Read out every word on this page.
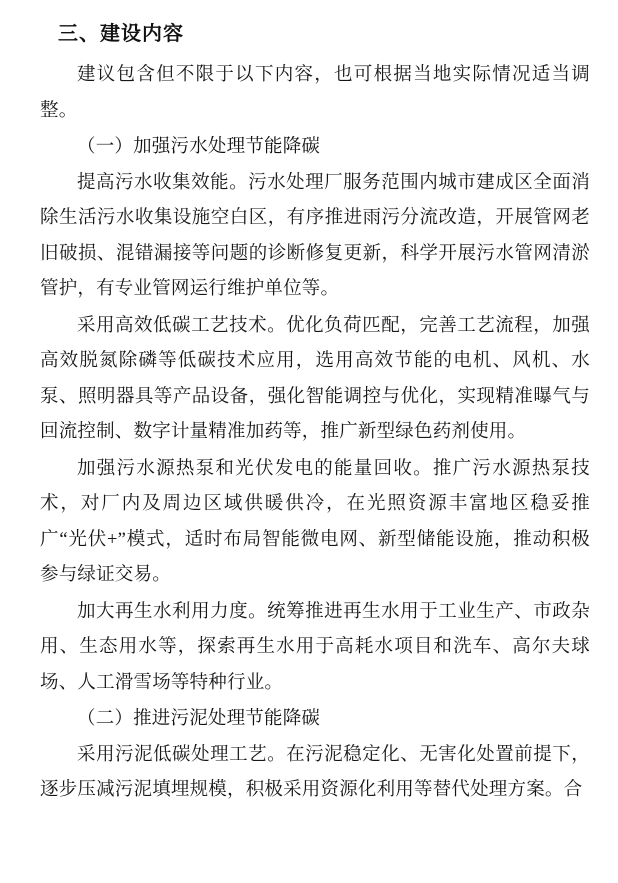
三、建设内容

建议包含但不限于以下内容，也可根据当地实际情况适当调整。

（一）加强污水处理节能降碳

提高污水收集效能。污水处理厂服务范围内城市建成区全面消除生活污水收集设施空白区，有序推进雨污分流改造，开展管网老旧破损、混错漏接等问题的诊断修复更新，科学开展污水管网清淤管护，有专业管网运行维护单位等。

采用高效低碳工艺技术。优化负荷匹配，完善工艺流程，加强高效脱氮除磷等低碳技术应用，选用高效节能的电机、风机、水泵、照明器具等产品设备，强化智能调控与优化，实现精准曝气与回流控制、数字计量精准加药等，推广新型绿色药剂使用。

加强污水源热泵和光伏发电的能量回收。推广污水源热泵技术，对厂内及周边区域供暖供冷，在光照资源丰富地区稳妥推广“光伏+”模式，适时布局智能微电网、新型储能设施，推动积极参与绿证交易。

加大再生水利用力度。统筹推进再生水用于工业生产、市政杂用、生态用水等，探索再生水用于高耗水项目和洗车、高尔夫球场、人工滑雪场等特种行业。

（二）推进污泥处理节能降碳

采用污泥低碳处理工艺。在污泥稳定化、无害化处置前提下，逐步压减污泥填埋规模，积极采用资源化利用等替代处理方案。合
